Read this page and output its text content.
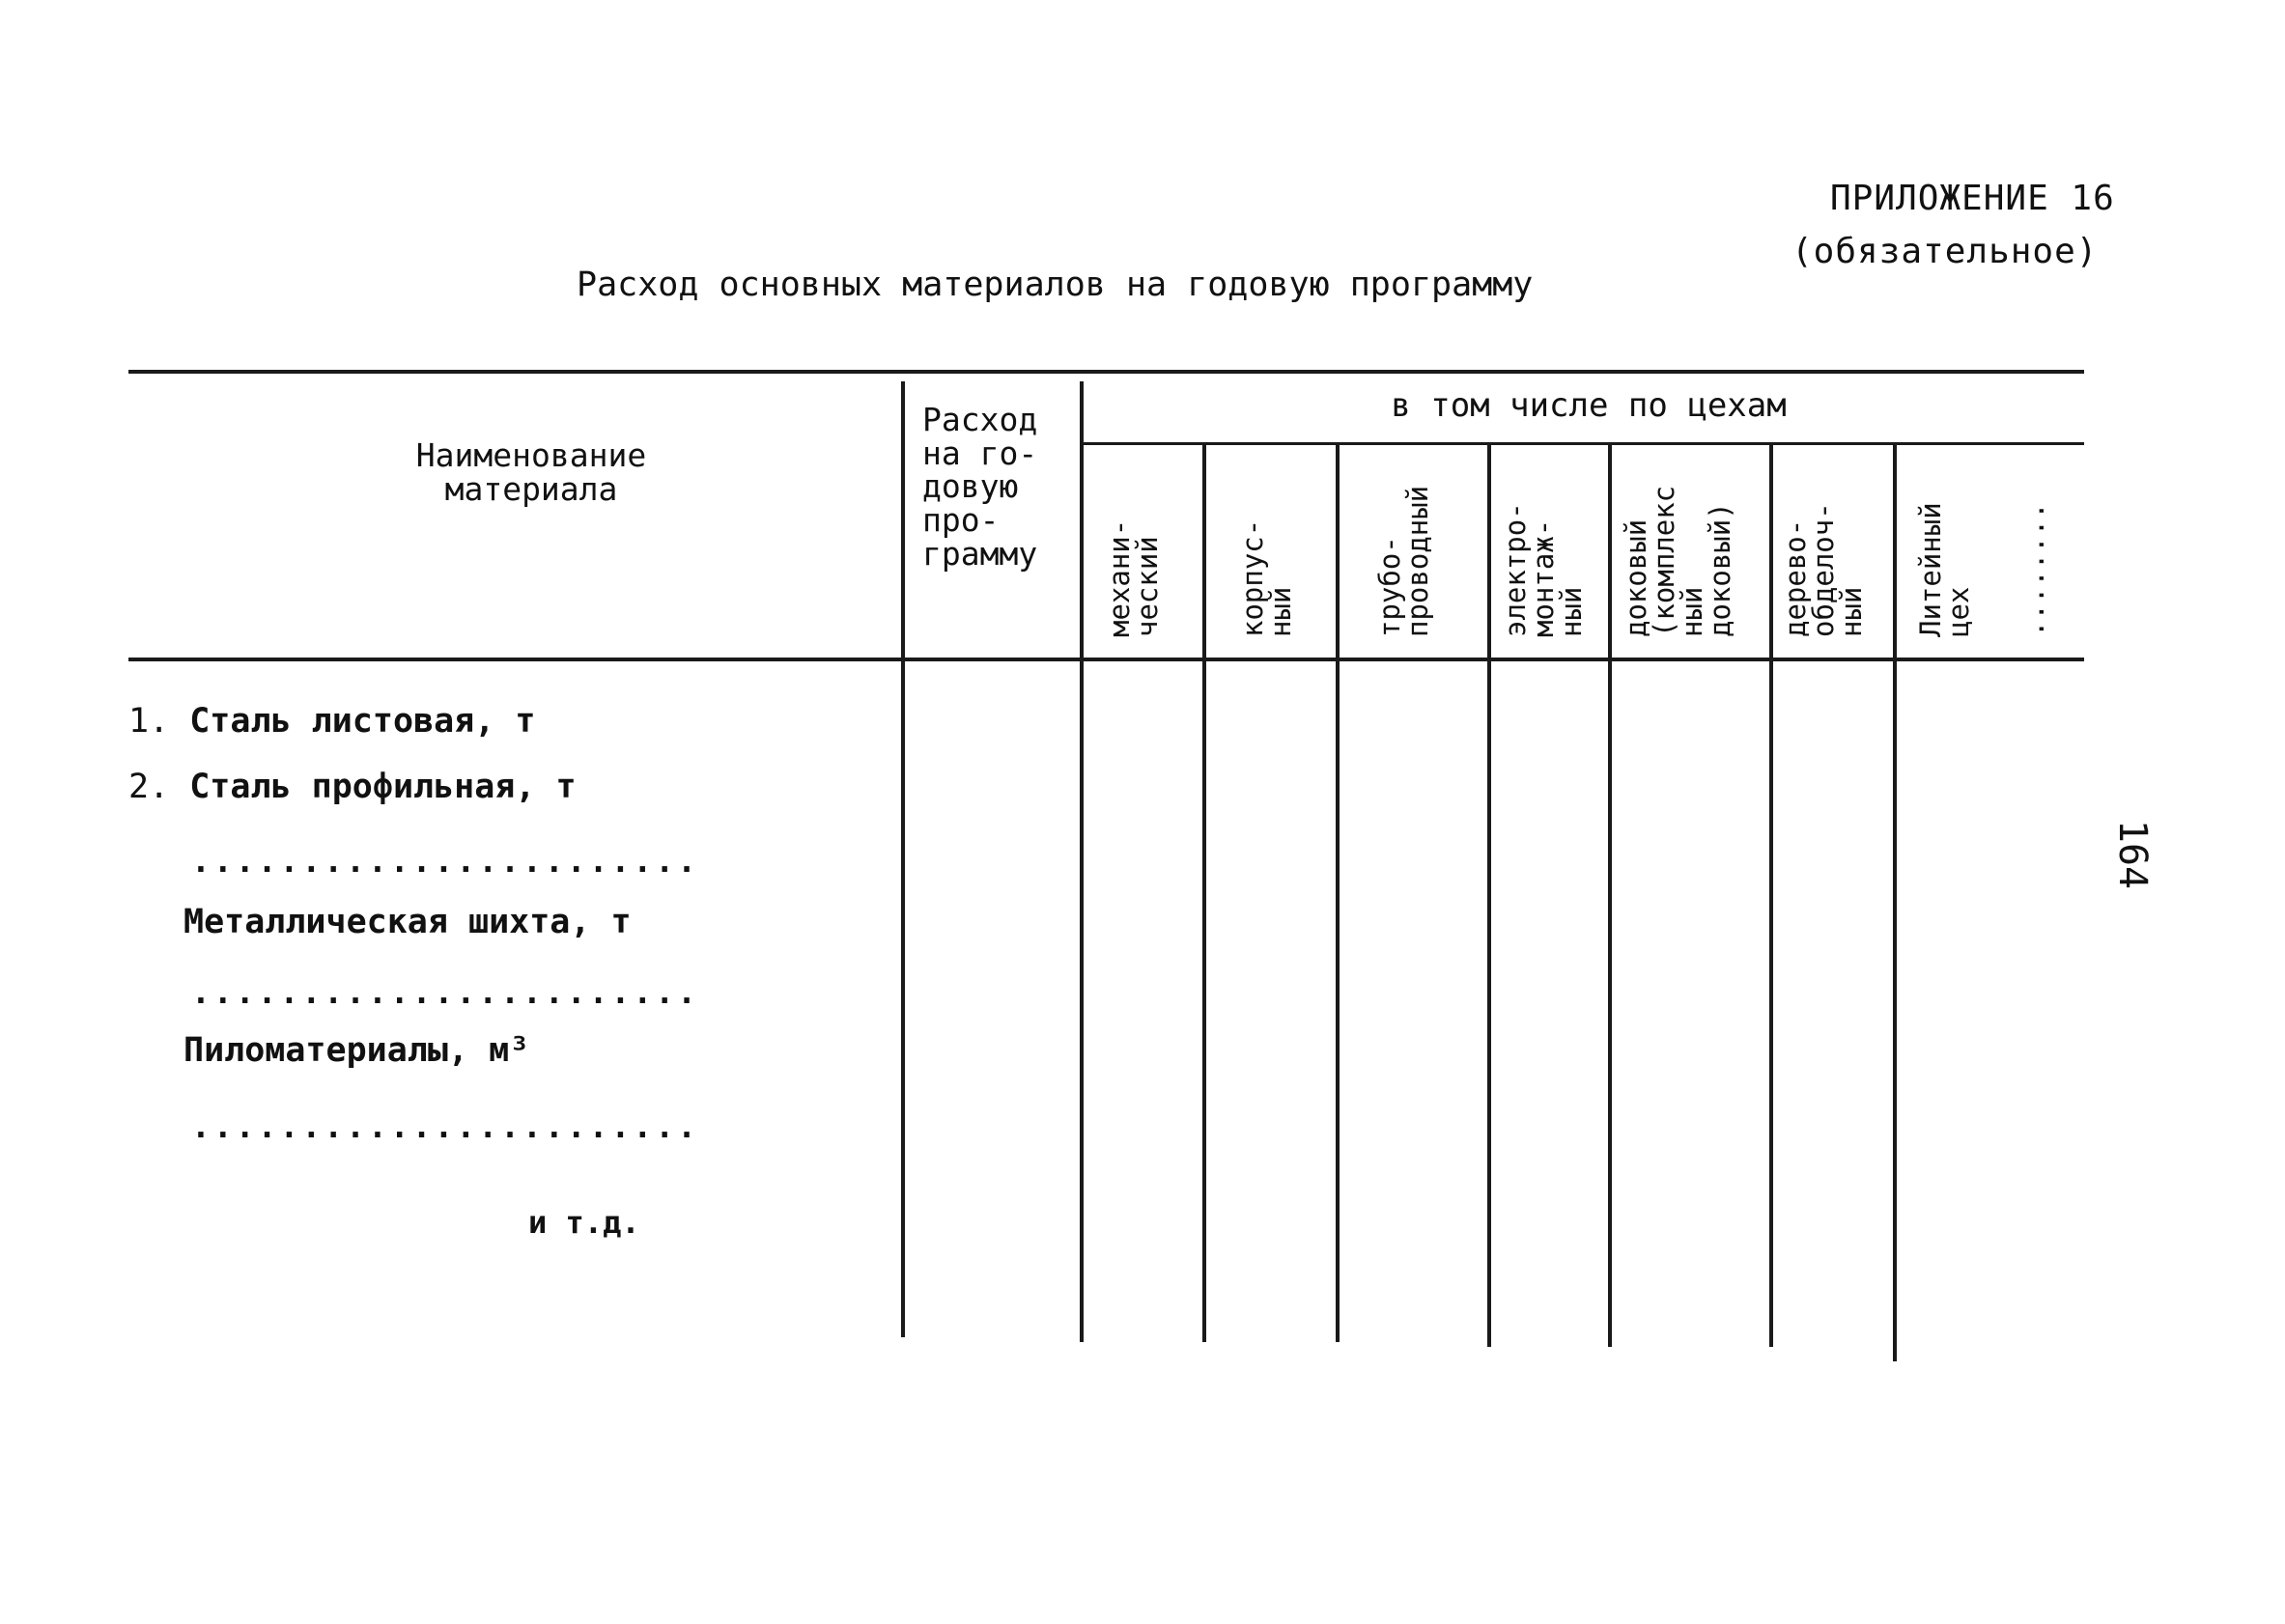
ПРИЛОЖЕНИЕ 16
(обязательное)
Расход основных материалов на годовую программу
Наименование
материала
Расход
на го-
довую
про-
грамму
в том числе по цехам
механи-
ческий	корпус-
ный	трубо-
проводный электро-
монтаж-
ный доковый
(комплекс
ный
доковый) деревo-
обделоч-
ный Литейный
цех ........
1. Сталь листовая, т
2. Сталь профильная, т
.......................
Металлическая шихта, т
.......................
Пиломатериалы, м³
.......................
и т.д.
164
